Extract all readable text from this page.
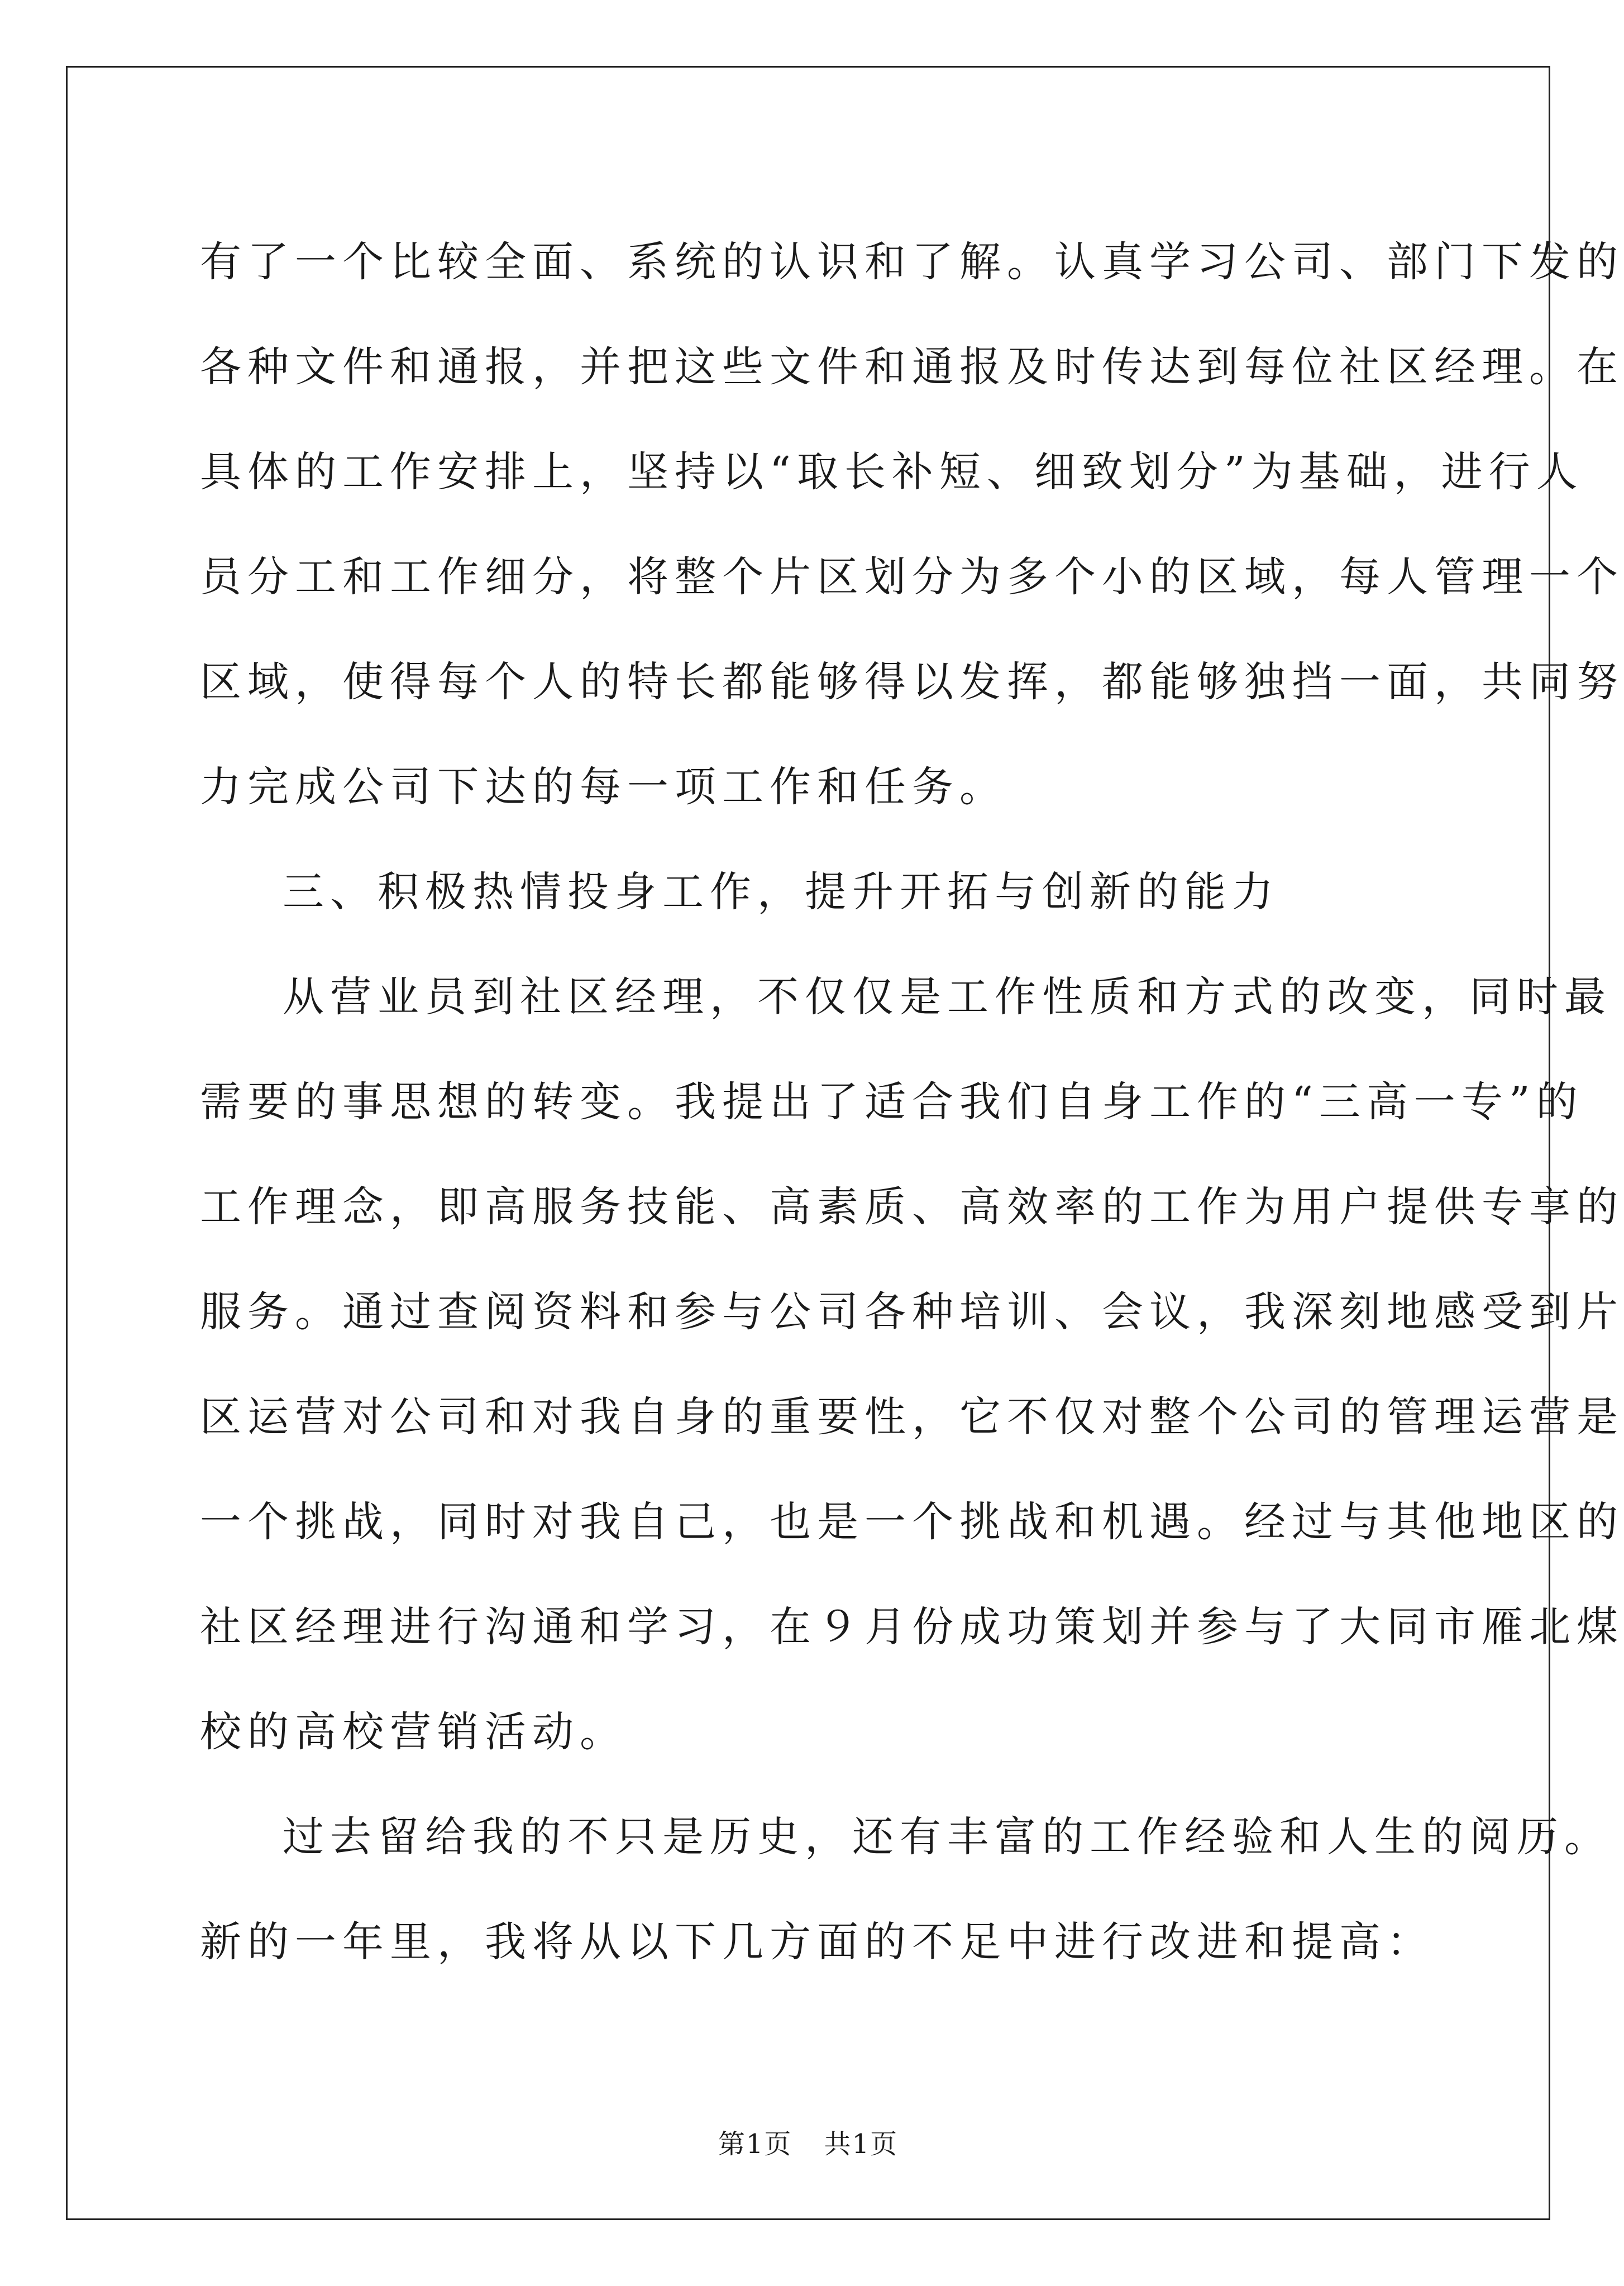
有了一个比较全面、系统的认识和了解。认真学习公司、部门下发的
各种文件和通报，并把这些文件和通报及时传达到每位社区经理。在
具体的工作安排上，坚持以“取长补短、细致划分”为基础，进行人
员分工和工作细分，将整个片区划分为多个小的区域，每人管理一个
区域，使得每个人的特长都能够得以发挥，都能够独挡一面，共同努
力完成公司下达的每一项工作和任务。
三、积极热情投身工作，提升开拓与创新的能力
从营业员到社区经理，不仅仅是工作性质和方式的改变，同时最
需要的事思想的转变。我提出了适合我们自身工作的“三高一专”的
工作理念，即高服务技能、高素质、高效率的工作为用户提供专享的
服务。通过查阅资料和参与公司各种培训、会议，我深刻地感受到片
区运营对公司和对我自身的重要性，它不仅对整个公司的管理运营是
一个挑战，同时对我自己，也是一个挑战和机遇。经过与其他地区的
社区经理进行沟通和学习，在９月份成功策划并参与了大同市雁北煤
校的高校营销活动。
过去留给我的不只是历史，还有丰富的工作经验和人生的阅历。
新的一年里，我将从以下几方面的不足中进行改进和提高：
第1页 共1页
